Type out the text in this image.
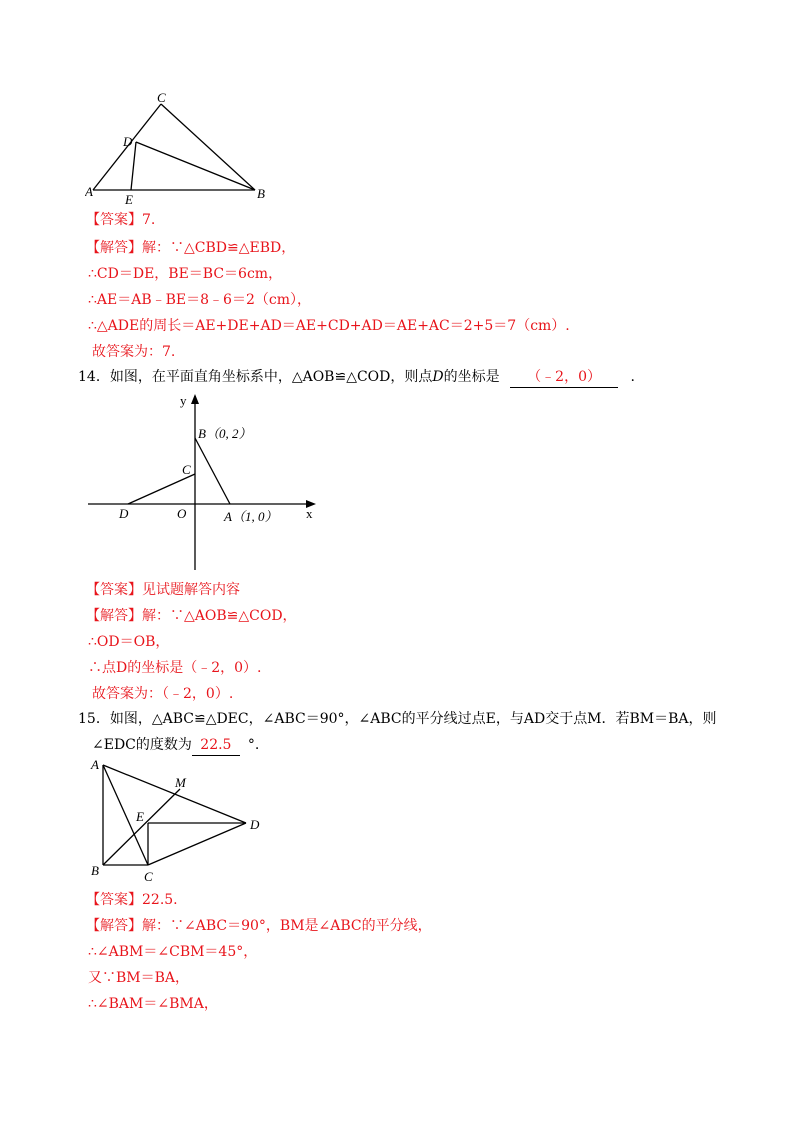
A	B
C
D
E
【答案】7.
【解答】解：∵△CBD≌△EBD，
∴CD＝DE，BE＝BC＝6cm，
∴AE＝AB﹣BE＝8﹣6＝2（cm），
∴△ADE的周长＝AE+DE+AD＝AE+CD+AD＝AE+AC＝2+5＝7（cm）.
故答案为：7.
14．如图，在平面直角坐标系中，△AOB≌△COD，则点D的坐标是 （﹣2，0） .
y
x
B（0, 2）
C
D	O	A（1, 0）
【答案】见试题解答内容
【解答】解：∵△AOB≌△COD，
∴OD＝OB，
∴点D的坐标是（﹣2，0）.
故答案为：（﹣2，0）.
15．如图，△ABC≌△DEC，∠ABC＝90°，∠ABC的平分线过点E，与AD交于点M．若BM＝BA，则
∠EDC的度数为 22.5 °.
A
B	C
D
E
M
【答案】22.5.
【解答】解：∵∠ABC＝90°，BM是∠ABC的平分线，
∴∠ABM＝∠CBM＝45°，
又∵BM＝BA，
∴∠BAM＝∠BMA，
